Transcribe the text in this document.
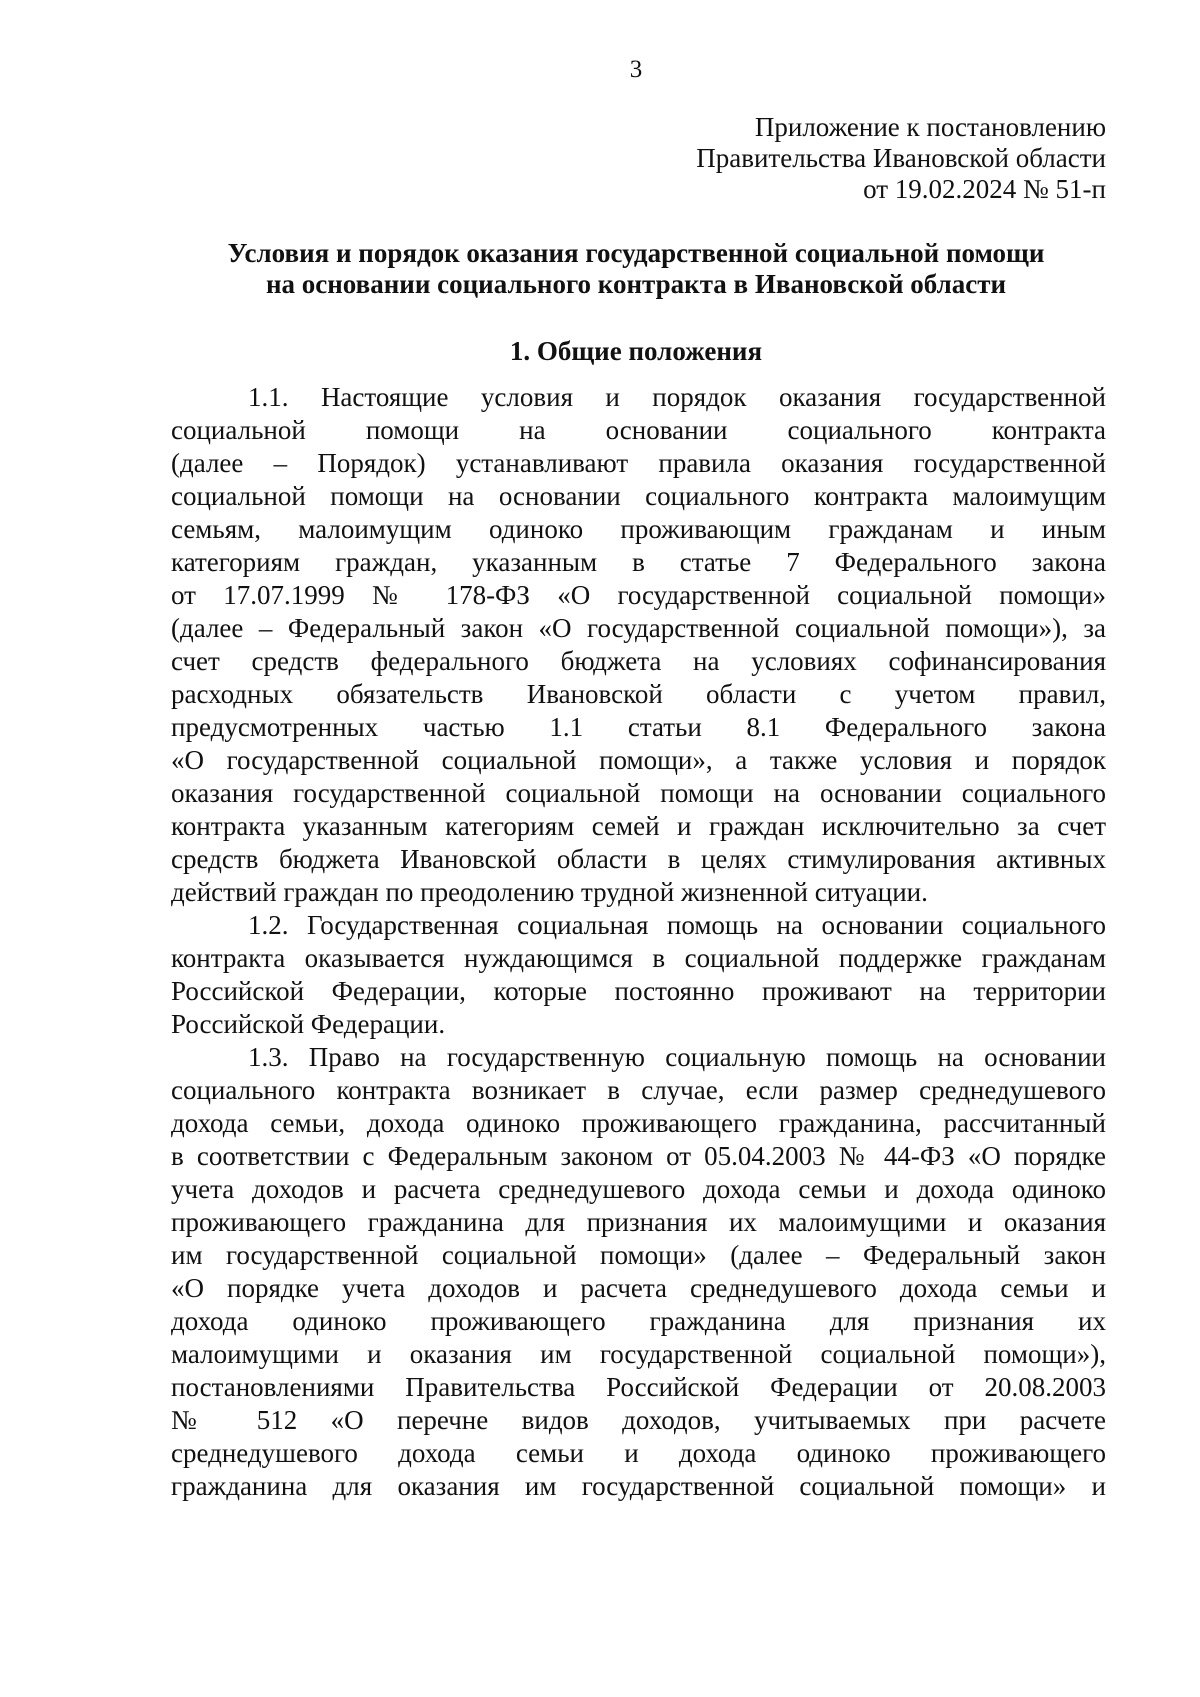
3
Приложение к постановлению
Правительства Ивановской области
от 19.02.2024 № 51-п
Условия и порядок оказания государственной социальной помощи
на основании социального контракта в Ивановской области
1. Общие положения
1.1. Настоящие условия и порядок оказания государственной
социальной помощи на основании социального контракта
(далее – Порядок) устанавливают правила оказания государственной
социальной помощи на основании социального контракта малоимущим
семьям, малоимущим одиноко проживающим гражданам и иным
категориям граждан, указанным в статье 7 Федерального закона
от 17.07.1999 № 178-ФЗ «О государственной социальной помощи»
(далее – Федеральный закон «О государственной социальной помощи»), за
счет средств федерального бюджета на условиях софинансирования
расходных обязательств Ивановской области с учетом правил,
предусмотренных частью 1.1 статьи 8.1 Федерального закона
«О государственной социальной помощи», а также условия и порядок
оказания государственной социальной помощи на основании социального
контракта указанным категориям семей и граждан исключительно за счет
средств бюджета Ивановской области в целях стимулирования активных
действий граждан по преодолению трудной жизненной ситуации.
1.2. Государственная социальная помощь на основании социального
контракта оказывается нуждающимся в социальной поддержке гражданам
Российской Федерации, которые постоянно проживают на территории
Российской Федерации.
1.3. Право на государственную социальную помощь на основании
социального контракта возникает в случае, если размер среднедушевого
дохода семьи, дохода одиноко проживающего гражданина, рассчитанный
в соответствии с Федеральным законом от 05.04.2003 № 44-ФЗ «О порядке
учета доходов и расчета среднедушевого дохода семьи и дохода одиноко
проживающего гражданина для признания их малоимущими и оказания
им государственной социальной помощи» (далее – Федеральный закон
«О порядке учета доходов и расчета среднедушевого дохода семьи и
дохода одиноко проживающего гражданина для признания их
малоимущими и оказания им государственной социальной помощи»),
постановлениями Правительства Российской Федерации от 20.08.2003
№ 512 «О перечне видов доходов, учитываемых при расчете
среднедушевого дохода семьи и дохода одиноко проживающего
гражданина для оказания им государственной социальной помощи» и
